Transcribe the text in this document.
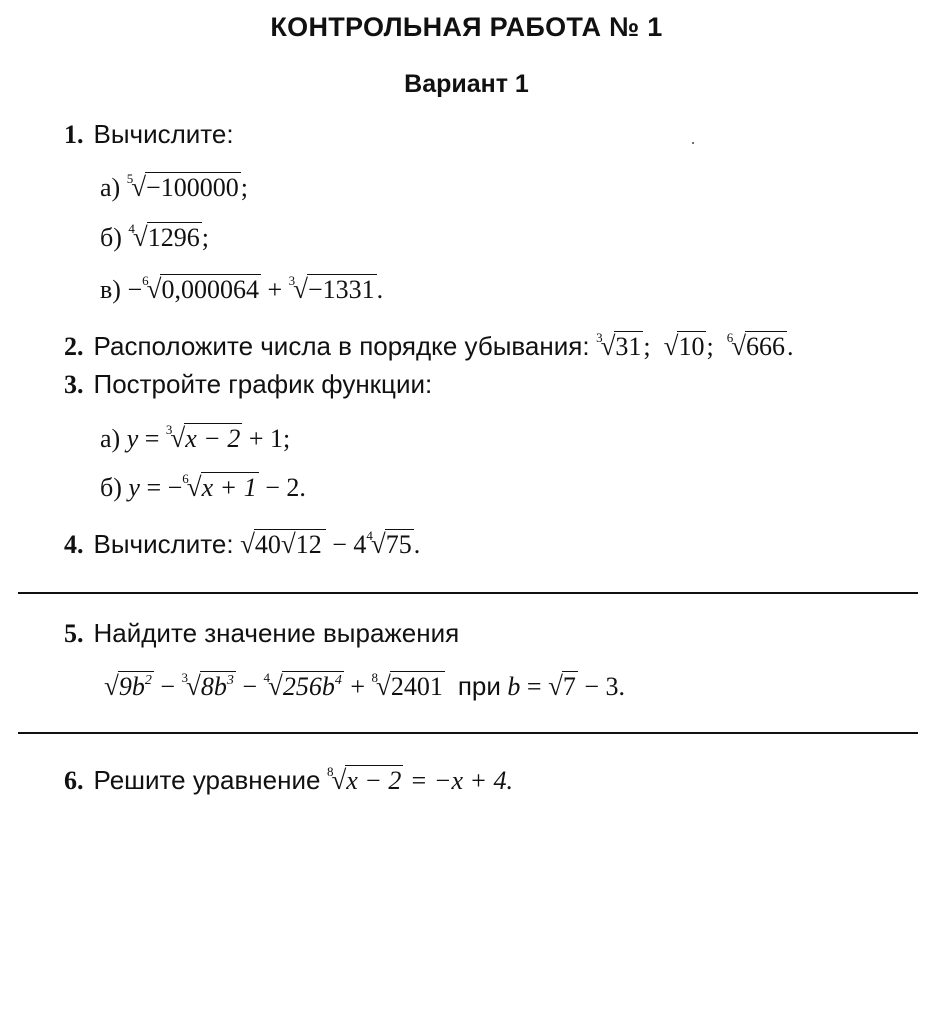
КОНТРОЛЬНАЯ РАБОТА № 1
Вариант 1
1. Вычислите:
а) $^5$√−100000;
б) $^4$√1296;
в) −$^6$√0,000064 + $^3$√−1331.
2. Расположите числа в порядке убывания: $^3$√31; √10; $^6$√666.
3. Постройте график функции:
а) y = $^3$√x − 2 + 1;
б) y = −$^6$√x + 1 − 2.
4. Вычислите: $√40√12 - 4^4√75$.
5. Найдите значение выражения
$√9b^2 - ^3√8b^3 - ^4√256b^4 + ^8√2401$ при b = √7 − 3.
6. Решите уравнение $^8$√x − 2 = −x + 4.
